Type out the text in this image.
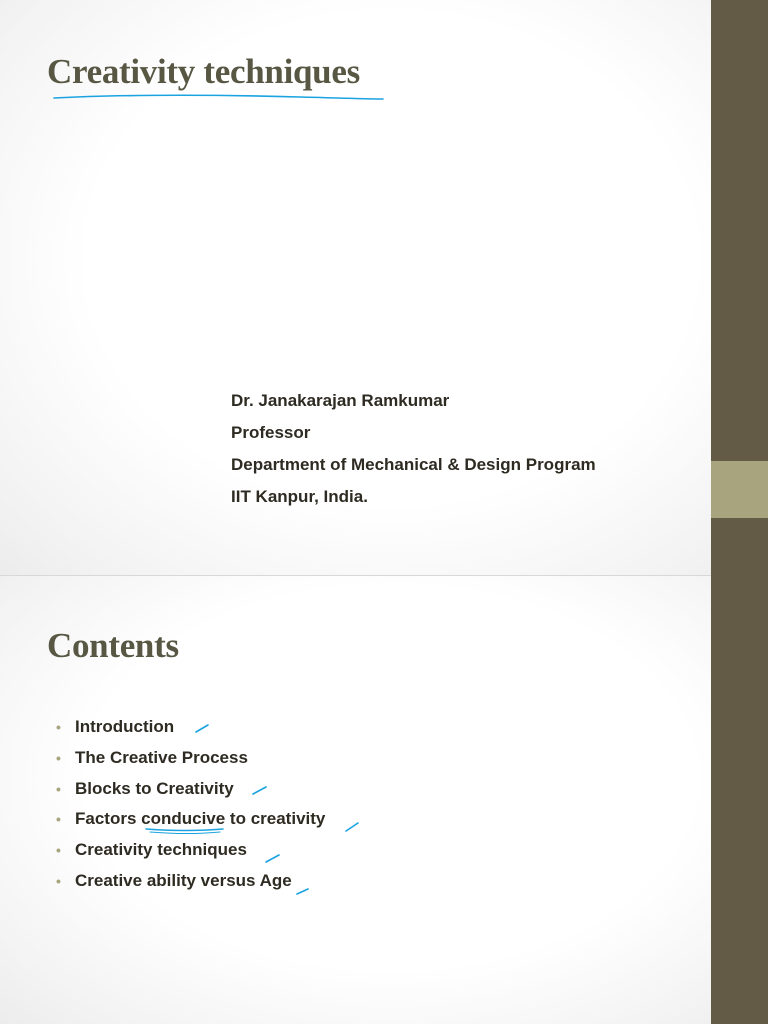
Creativity techniques
Dr. Janakarajan Ramkumar
Professor
Department of Mechanical & Design Program
IIT Kanpur, India.
Contents
• Introduction
• The Creative Process
• Blocks to Creativity
• Factors conducive to creativity
• Creativity techniques
• Creative ability versus Age
